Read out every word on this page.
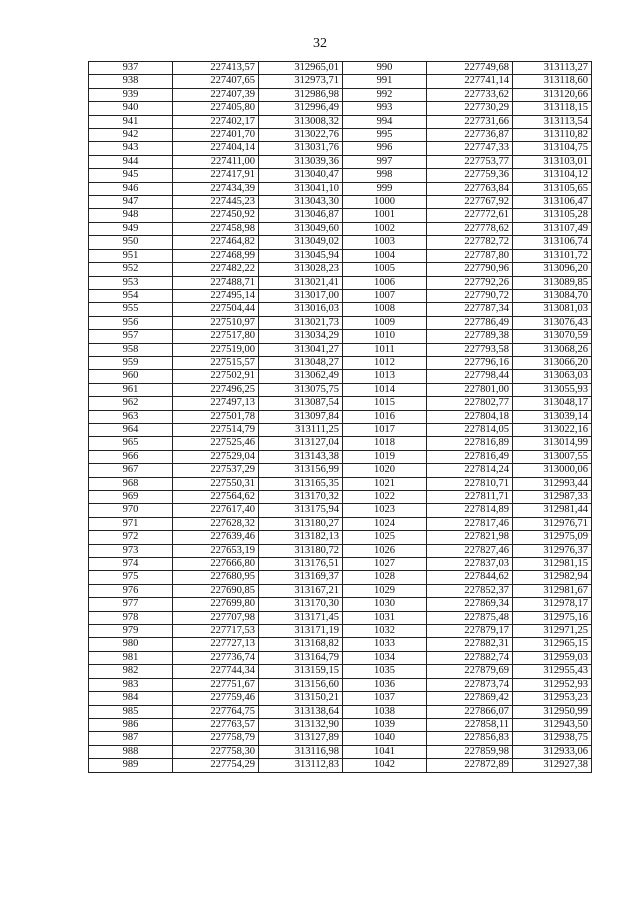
32
937	227413,57	312965,01	990	227749,68	313113,27
938	227407,65	312973,71	991	227741,14	313118,60
939	227407,39	312986,98	992	227733,62	313120,66
940	227405,80	312996,49	993	227730,29	313118,15
941	227402,17	313008,32	994	227731,66	313113,54
942	227401,70	313022,76	995	227736,87	313110,82
943	227404,14	313031,76	996	227747,33	313104,75
944	227411,00	313039,36	997	227753,77	313103,01
945	227417,91	313040,47	998	227759,36	313104,12
946	227434,39	313041,10	999	227763,84	313105,65
947	227445,23	313043,30	1000	227767,92	313106,47
948	227450,92	313046,87	1001	227772,61	313105,28
949	227458,98	313049,60	1002	227778,62	313107,49
950	227464,82	313049,02	1003	227782,72	313106,74
951	227468,99	313045,94	1004	227787,80	313101,72
952	227482,22	313028,23	1005	227790,96	313096,20
953	227488,71	313021,41	1006	227792,26	313089,85
954	227495,14	313017,00	1007	227790,72	313084,70
955	227504,44	313016,03	1008	227787,34	313081,03
956	227510,97	313021,73	1009	227786,49	313076,43
957	227517,80	313034,29	1010	227789,38	313070,59
958	227519,00	313041,27	1011	227793,58	313068,26
959	227515,57	313048,27	1012	227796,16	313066,20
960	227502,91	313062,49	1013	227798,44	313063,03
961	227496,25	313075,75	1014	227801,00	313055,93
962	227497,13	313087,54	1015	227802,77	313048,17
963	227501,78	313097,84	1016	227804,18	313039,14
964	227514,79	313111,25	1017	227814,05	313022,16
965	227525,46	313127,04	1018	227816,89	313014,99
966	227529,04	313143,38	1019	227816,49	313007,55
967	227537,29	313156,99	1020	227814,24	313000,06
968	227550,31	313165,35	1021	227810,71	312993,44
969	227564,62	313170,32	1022	227811,71	312987,33
970	227617,40	313175,94	1023	227814,89	312981,44
971	227628,32	313180,27	1024	227817,46	312976,71
972	227639,46	313182,13	1025	227821,98	312975,09
973	227653,19	313180,72	1026	227827,46	312976,37
974	227666,80	313176,51	1027	227837,03	312981,15
975	227680,95	313169,37	1028	227844,62	312982,94
976	227690,85	313167,21	1029	227852,37	312981,67
977	227699,80	313170,30	1030	227869,34	312978,17
978	227707,98	313171,45	1031	227875,48	312975,16
979	227717,53	313171,19	1032	227879,17	312971,25
980	227727,13	313168,82	1033	227882,31	312965,15
981	227736,74	313164,79	1034	227882,74	312959,03
982	227744,34	313159,15	1035	227879,69	312955,43
983	227751,67	313156,60	1036	227873,74	312952,93
984	227759,46	313150,21	1037	227869,42	312953,23
985	227764,75	313138,64	1038	227866,07	312950,99
986	227763,57	313132,90	1039	227858,11	312943,50
987	227758,79	313127,89	1040	227856,83	312938,75
988	227758,30	313116,98	1041	227859,98	312933,06
989	227754,29	313112,83	1042	227872,89	312927,38
